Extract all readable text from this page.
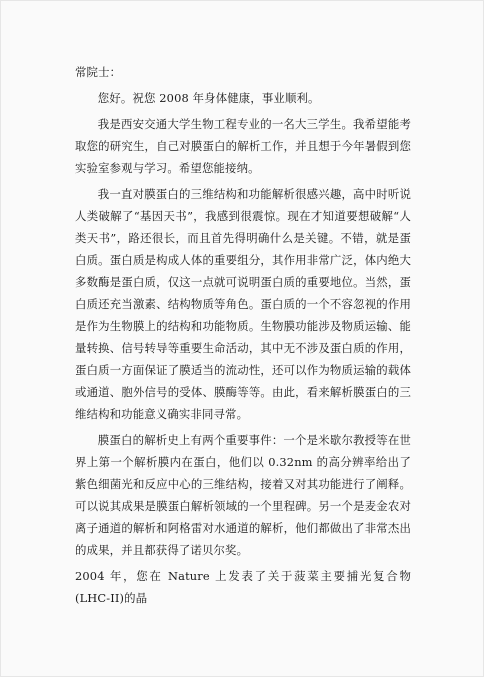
常院士：

您好。祝您 2008 年身体健康，事业顺利。

我是西安交通大学生物工程专业的一名大三学生。我希望能考取您的研究生，自己对膜蛋白的解析工作，并且想于今年暑假到您实验室参观与学习。希望您能接纳。

我一直对膜蛋白的三维结构和功能解析很感兴趣，高中时听说人类破解了“基因天书”，我感到很震惊。现在才知道要想破解“人类天书”，路还很长，而且首先得明确什么是关键。不错，就是蛋白质。蛋白质是构成人体的重要组分，其作用非常广泛，体内绝大多数酶是蛋白质，仅这一点就可说明蛋白质的重要地位。当然，蛋白质还充当激素、结构物质等角色。蛋白质的一个不容忽视的作用是作为生物膜上的结构和功能物质。生物膜功能涉及物质运输、能量转换、信号转导等重要生命活动，其中无不涉及蛋白质的作用，蛋白质一方面保证了膜适当的流动性，还可以作为物质运输的载体或通道、胞外信号的受体、膜酶等等。由此，看来解析膜蛋白的三维结构和功能意义确实非同寻常。

膜蛋白的解析史上有两个重要事件：一个是米歇尔教授等在世界上第一个解析膜内在蛋白，他们以 0.32nm 的高分辨率给出了紫色细菌光和反应中心的三维结构，接着又对其功能进行了阐释。可以说其成果是膜蛋白解析领域的一个里程碑。另一个是麦金农对离子通道的解析和阿格雷对水通道的解析，他们都做出了非常杰出的成果，并且都获得了诺贝尔奖。

2004 年，您在 Nature 上发表了关于菠菜主要捕光复合物(LHC-II)的晶
